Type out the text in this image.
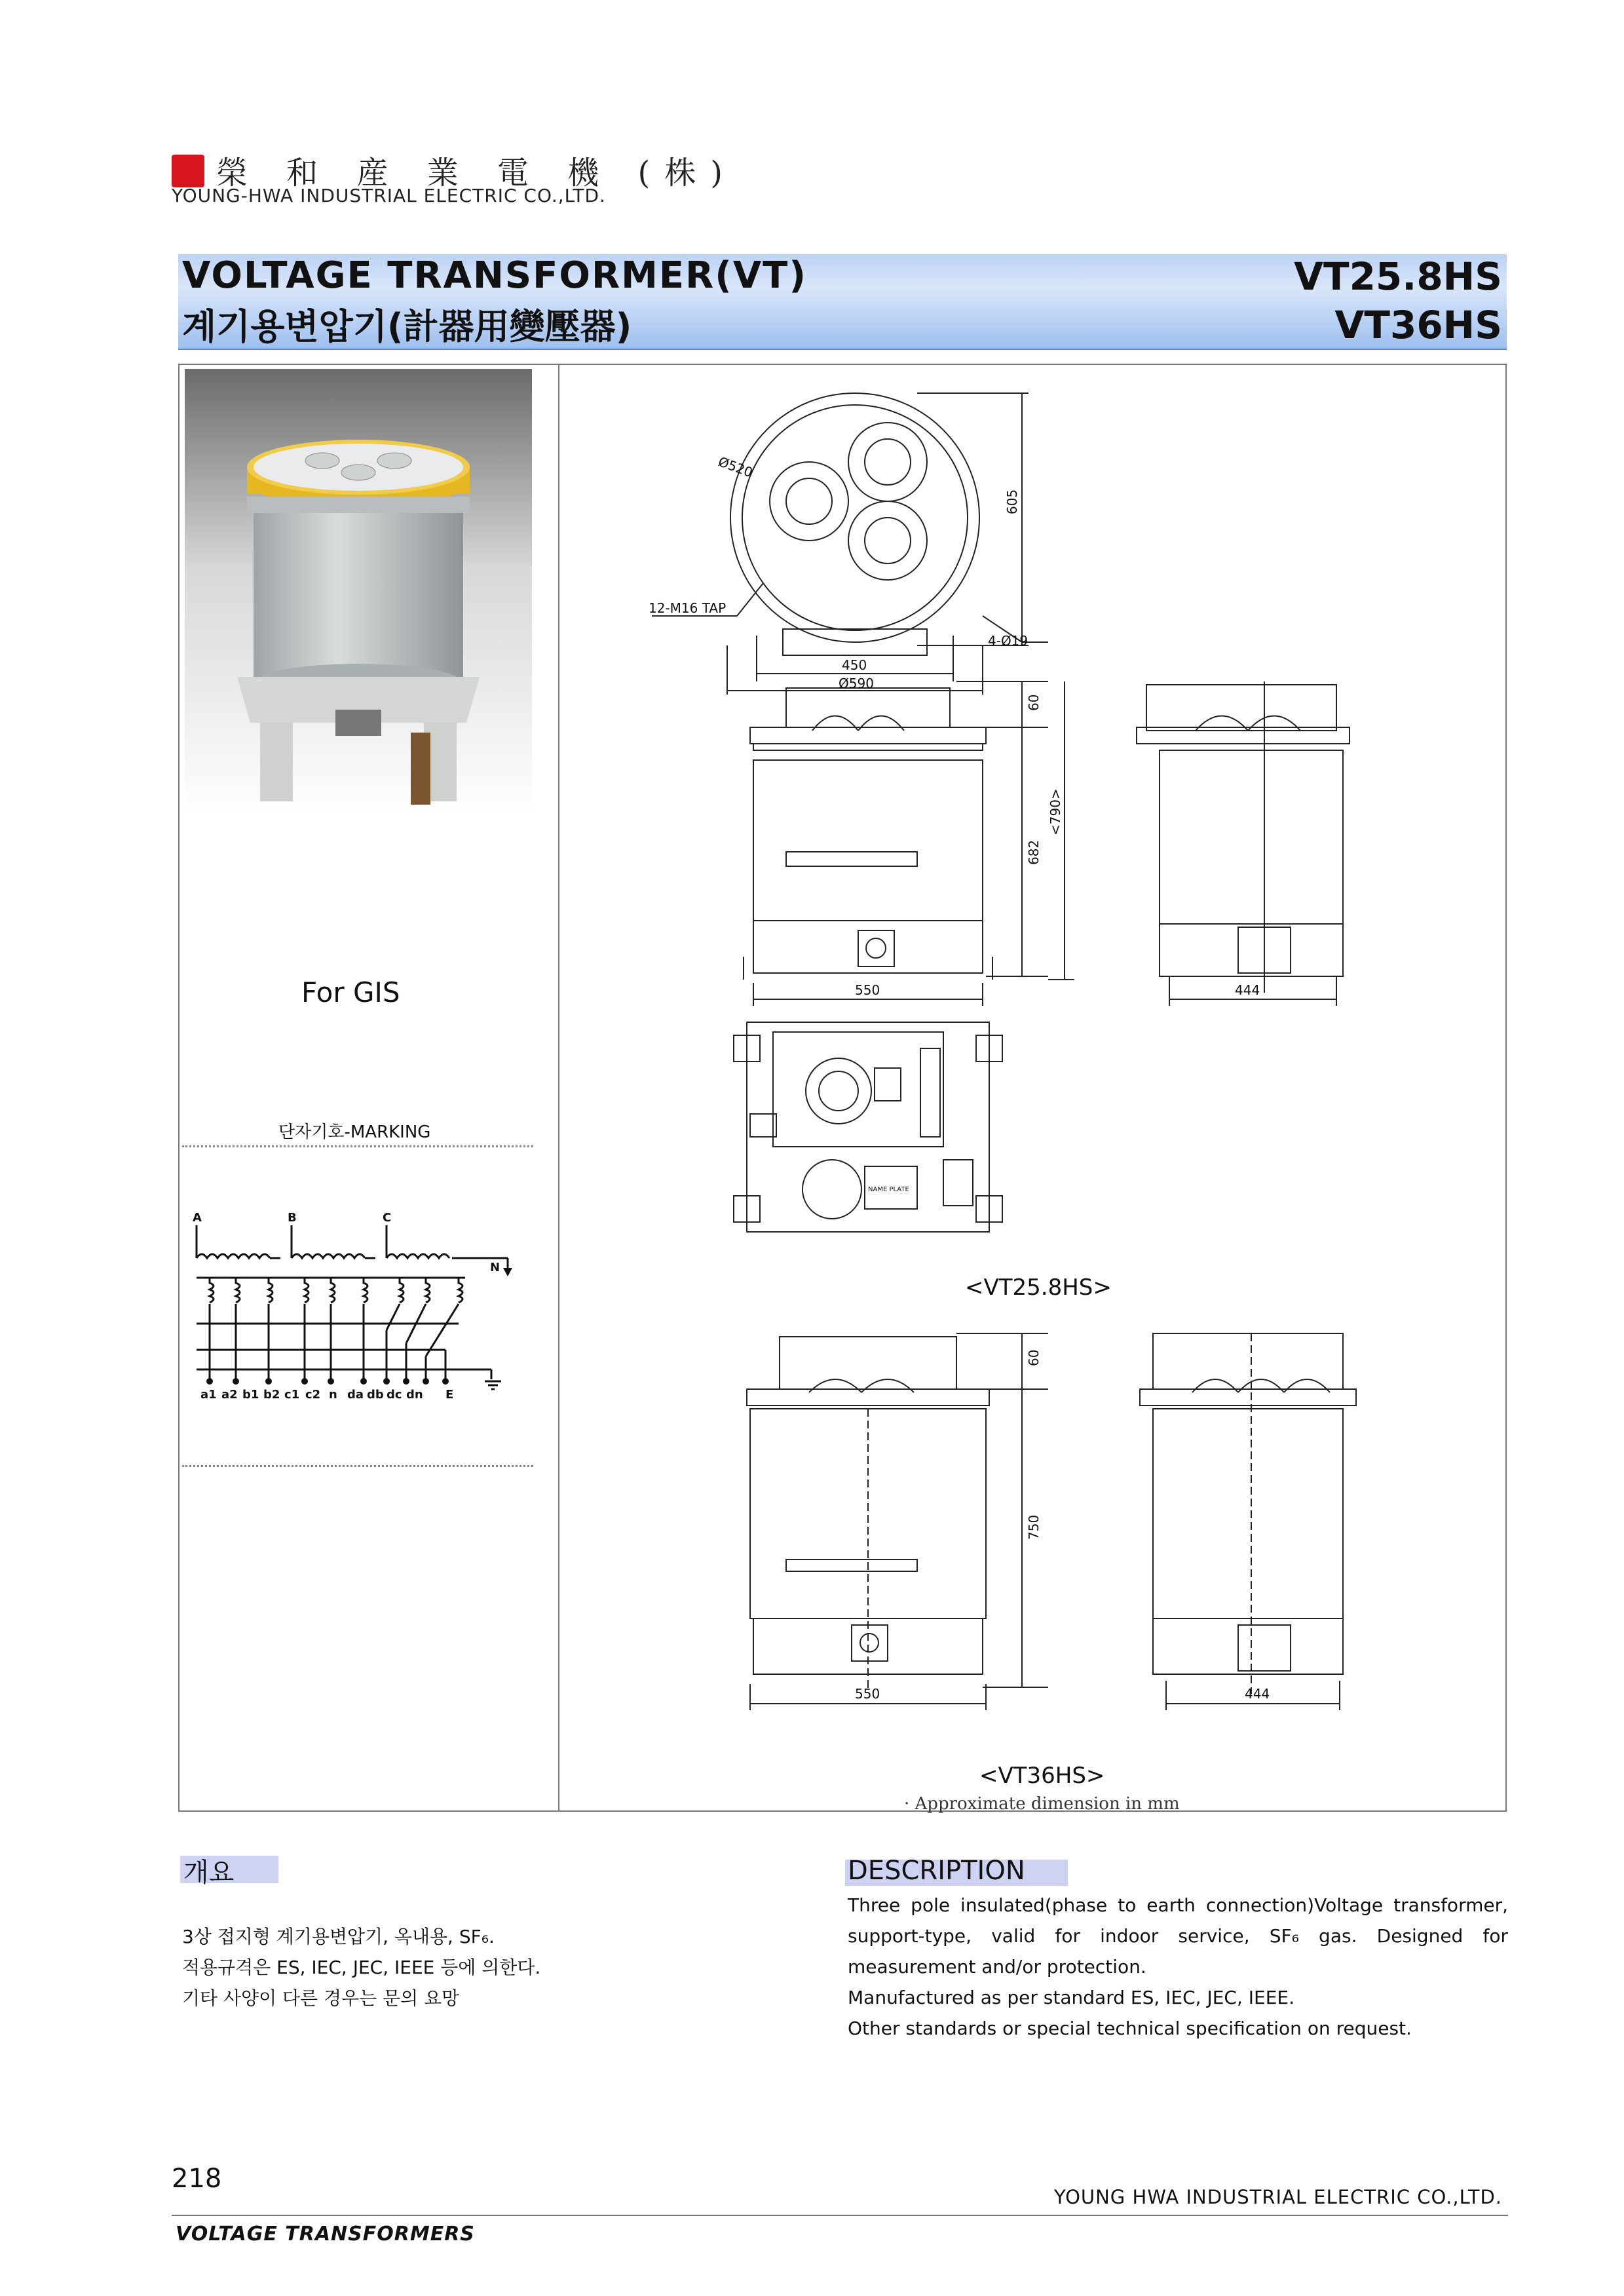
榮 和 産 業 電 機 (株)
YOUNG-HWA INDUSTRIAL ELECTRIC CO.,LTD.
VOLTAGE TRANSFORMER(VT)
계기용변압기(計器用變壓器)
VT25.8HS
VT36HS
For GIS
단자기호-MARKING
A	B	C
N
a1 a2 b1 b2 c1 c2 n da db dc dn E
Ø520
605
12-M16 TAP
450
Ø590
4-Ø19
60
682
<790>
550	444
NAME PLATE
60
750
550	444
<VT25.8HS>
<VT36HS>
· Approximate dimension in mm
개요
3상 접지형 계기용변압기, 옥내용, SF₆.
적용규격은 ES, IEC, JEC, IEEE 등에 의한다.
기타 사양이 다른 경우는 문의 요망
DESCRIPTION
Three pole insulated(phase to earth connection)Voltage transformer, support-type, valid for indoor service, SF₆ gas. Designed for measurement and/or protection.
Manufactured as per standard ES, IEC, JEC, IEEE.
Other standards or special technical specification on request.
218
YOUNG HWA INDUSTRIAL ELECTRIC CO.,LTD.
VOLTAGE TRANSFORMERS
